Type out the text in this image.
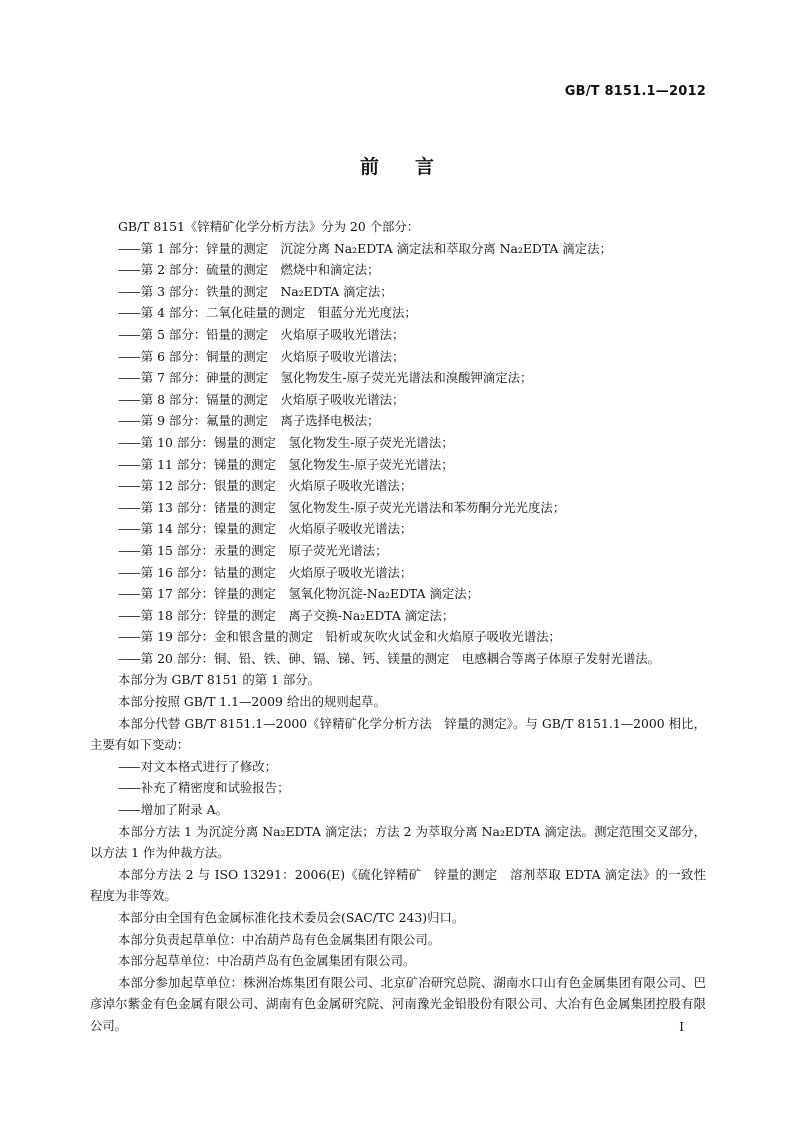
GB/T 8151.1—2012
前 言

GB/T 8151《锌精矿化学分析方法》分为 20 个部分：

—— 第 1 部分：锌量的测定　沉淀分离 Na₂EDTA 滴定法和萃取分离 Na₂EDTA 滴定法；
—— 第 2 部分：硫量的测定　燃烧中和滴定法；
—— 第 3 部分：铁量的测定　Na₂EDTA 滴定法；
—— 第 4 部分：二氧化硅量的测定　钼蓝分光光度法；
—— 第 5 部分：铅量的测定　火焰原子吸收光谱法；
—— 第 6 部分：铜量的测定　火焰原子吸收光谱法；
—— 第 7 部分：砷量的测定　氢化物发生-原子荧光光谱法和溴酸钾滴定法；
—— 第 8 部分：镉量的测定　火焰原子吸收光谱法；
—— 第 9 部分：氟量的测定　离子选择电极法；
—— 第 10 部分：锡量的测定　氢化物发生-原子荧光光谱法；
—— 第 11 部分：锑量的测定　氢化物发生-原子荧光光谱法；
—— 第 12 部分：银量的测定　火焰原子吸收光谱法；
—— 第 13 部分：锗量的测定　氢化物发生-原子荧光光谱法和苯芴酮分光光度法；
—— 第 14 部分：镍量的测定　火焰原子吸收光谱法；
—— 第 15 部分：汞量的测定　原子荧光光谱法；
—— 第 16 部分：钴量的测定　火焰原子吸收光谱法；
—— 第 17 部分：锌量的测定　氢氧化物沉淀-Na₂EDTA 滴定法；
—— 第 18 部分：锌量的测定　离子交换-Na₂EDTA 滴定法；
—— 第 19 部分：金和银含量的测定　铅析或灰吹火试金和火焰原子吸收光谱法；
—— 第 20 部分：铜、铅、铁、砷、镉、锑、钙、镁量的测定　电感耦合等离子体原子发射光谱法。

本部分为 GB/T 8151 的第 1 部分。

本部分按照 GB/T 1.1—2009 给出的规则起草。

本部分代替 GB/T 8151.1—2000《锌精矿化学分析方法　锌量的测定》。与 GB/T 8151.1—2000 相比，主要有如下变动：

—— 对文本格式进行了修改；
—— 补充了精密度和试验报告；
—— 增加了附录 A。

本部分方法 1 为沉淀分离 Na₂EDTA 滴定法；方法 2 为萃取分离 Na₂EDTA 滴定法。测定范围交叉部分，以方法 1 作为仲裁方法。

本部分方法 2 与 ISO 13291：2006(E)《硫化锌精矿　锌量的测定　溶剂萃取 EDTA 滴定法》的一致性程度为非等效。

本部分由全国有色金属标准化技术委员会(SAC/TC 243)归口。

本部分负责起草单位：中冶葫芦岛有色金属集团有限公司。

本部分起草单位：中冶葫芦岛有色金属集团有限公司。

本部分参加起草单位：株洲冶炼集团有限公司、北京矿冶研究总院、湖南水口山有色金属集团有限公司、巴彦淖尔紫金有色金属有限公司、湖南有色金属研究院、河南豫光金铅股份有限公司、大冶有色金属集团控股有限公司。	I
